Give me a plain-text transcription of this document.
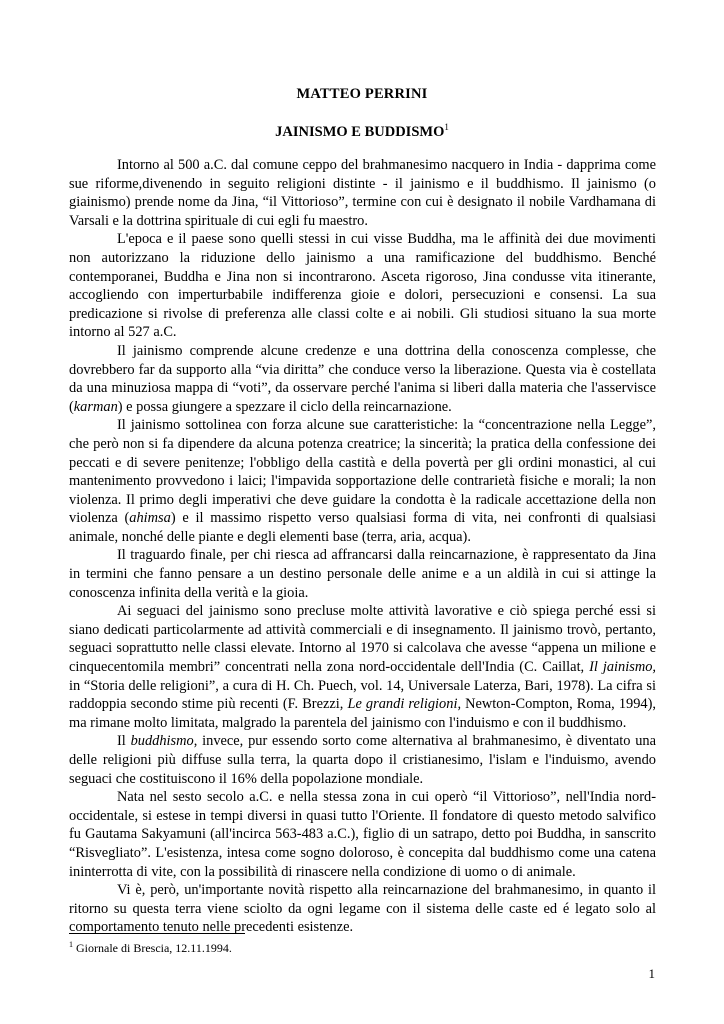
MATTEO PERRINI
JAINISMO E BUDDISMO$^1$

Intorno al 500 a.C. dal comune ceppo del brahmanesimo nacquero in India - dapprima come sue riforme,divenendo in seguito religioni distinte - il jainismo e il buddhismo. Il jainismo (o giainismo) prende nome da Jina, “il Vittorioso”, termine con cui è designato il nobile Vardhamana di Varsali e la dottrina spirituale di cui egli fu maestro.

L'epoca e il paese sono quelli stessi in cui visse Buddha, ma le affinità dei due movimenti non autorizzano la riduzione dello jainismo a una ramificazione del buddhismo. Benché contemporanei, Buddha e Jina non si incontrarono. Asceta rigoroso, Jina condusse vita itinerante, accogliendo con imperturbabile indifferenza gioie e dolori, persecuzioni e consensi. La sua predicazione si rivolse di preferenza alle classi colte e ai nobili. Gli studiosi situano la sua morte intorno al 527 a.C.

Il jainismo comprende alcune credenze e una dottrina della conoscenza complesse, che dovrebbero far da supporto alla “via diritta” che conduce verso la liberazione. Questa via è costellata da una minuziosa mappa di “voti”, da osservare perché l'anima si liberi dalla materia che l'asservisce (karman) e possa giungere a spezzare il ciclo della reincarnazione.

Il jainismo sottolinea con forza alcune sue caratteristiche: la “concentrazione nella Legge”, che però non si fa dipendere da alcuna potenza creatrice; la sincerità; la pratica della confessione dei peccati e di severe penitenze; l'obbligo della castità e della povertà per gli ordini monastici, al cui mantenimento provvedono i laici; l'impavida sopportazione delle contrarietà fisiche e morali; la non violenza. Il primo degli imperativi che deve guidare la condotta è la radicale accettazione della non violenza (ahimsa) e il massimo rispetto verso qualsiasi forma di vita, nei confronti di qualsiasi animale, nonché delle piante e degli elementi base (terra, aria, acqua).

Il traguardo finale, per chi riesca ad affrancarsi dalla reincarnazione, è rappresentato da Jina in termini che fanno pensare a un destino personale delle anime e a un aldilà in cui si attinge la conoscenza infinita della verità e la gioia.

Ai seguaci del jainismo sono precluse molte attività lavorative e ciò spiega perché essi si siano dedicati particolarmente ad attività commerciali e di insegnamento. Il jainismo trovò, pertanto, seguaci soprattutto nelle classi elevate. Intorno al 1970 si calcolava che avesse “appena un milione e cinquecentomila membri” concentrati nella zona nord-occidentale dell'India (C. Caillat, Il jainismo, in “Storia delle religioni”, a cura di H. Ch. Puech, vol. 14, Universale Laterza, Bari, 1978). La cifra si raddoppia secondo stime più recenti (F. Brezzi, Le grandi religioni, Newton-Compton, Roma, 1994), ma rimane molto limitata, malgrado la parentela del jainismo con l'induismo e con il buddhismo.

Il buddhismo, invece, pur essendo sorto come alternativa al brahmanesimo, è diventato una delle religioni più diffuse sulla terra, la quarta dopo il cristianesimo, l'islam e l'induismo, avendo seguaci che costituiscono il 16% della popolazione mondiale.

Nata nel sesto secolo a.C. e nella stessa zona in cui operò “il Vittorioso”, nell'India nord-occidentale, si estese in tempi diversi in quasi tutto l'Oriente. Il fondatore di questo metodo salvifico fu Gautama Sakyamuni (all'incirca 563-483 a.C.), figlio di un satrapo, detto poi Buddha, in sanscrito “Risvegliato”. L'esistenza, intesa come sogno doloroso, è concepita dal buddhismo come una catena ininterrotta di vite, con la possibilità di rinascere nella condizione di uomo o di animale.

Vi è, però, un'importante novità rispetto alla reincarnazione del brahmanesimo, in quanto il ritorno su questa terra viene sciolto da ogni legame con il sistema delle caste ed é legato solo al comportamento tenuto nelle precedenti esistenze.

$^1$ Giornale di Brescia, 12.11.1994.
1
